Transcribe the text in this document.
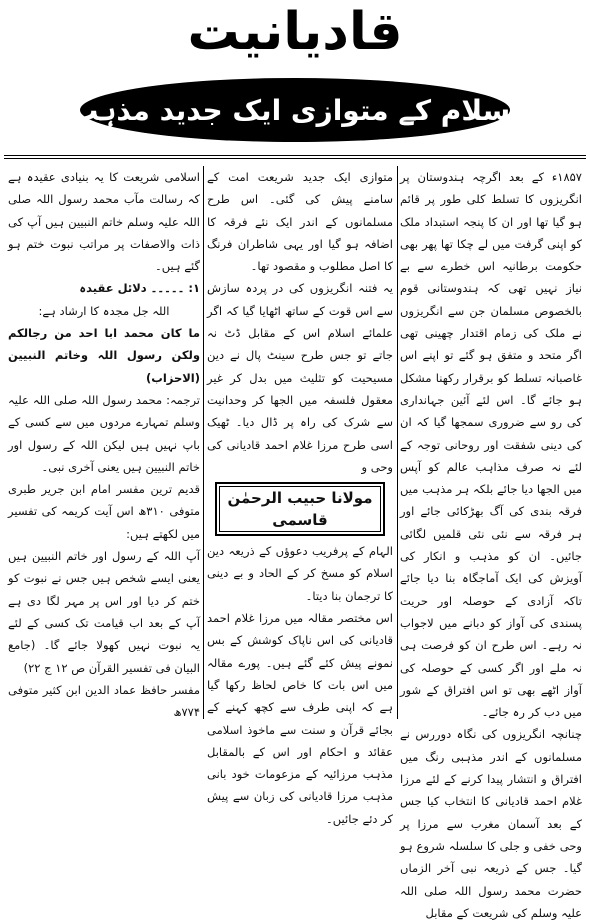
قادیانیت
اسلام کے متوازی ایک جدید مذہب

۱۸۵۷ء کے بعد اگرچہ ہندوستان پر انگریزوں کا تسلط کلی طور پر قائم ہو گیا تھا اور ان کا پنجہ استبداد ملک کو اپنی گرفت میں لے چکا تھا پھر بھی حکومت برطانیہ اس خطرے سے بے نیاز نہیں تھی کہ ہندوستانی قوم بالخصوص مسلمان جن سے انگریزوں نے ملک کی زمام اقتدار چھینی تھی اگر متحد و متفق ہو گئے تو اپنے اس غاصبانہ تسلط کو برقرار رکھنا مشکل ہو جائے گا۔ اس لئے آئین جہانداری کی رو سے ضروری سمجھا گیا کہ ان کی دینی شفقت اور روحانی توجہ کے لئے نہ صرف مذاہب عالم کو آپس میں الجھا دیا جائے بلکہ ہر مذہب میں فرقہ بندی کی آگ بھڑکائی جائے اور ہر فرقہ سے نئی نئی قلمیں لگائی جائیں۔ ان کو مذہب و انکار کی آویزش کی ایک آماجگاہ بنا دیا جائے تاکہ آزادی کے حوصلہ اور حریت پسندی کی آواز کو دبانے میں لاجواب نہ رہے۔ اس طرح ان کو فرصت ہی نہ ملے اور اگر کسی کے حوصلہ کی آواز اٹھے بھی تو اس افتراق کے شور میں دب کر رہ جائے۔

چنانچہ انگریزوں کی نگاہ دوررس نے مسلمانوں کے اندر مذہبی رنگ میں افتراق و انتشار پیدا کرنے کے لئے مرزا غلام احمد قادیانی کا انتخاب کیا جس کے بعد آسمان مغرب سے مرزا پر وحی خفی و جلی کا سلسلہ شروع ہو گیا۔ جس کے ذریعہ نبی آخر الزماں حضرت محمد رسول اللہ صلی اللہ علیہ وسلم کی شریعت کے مقابل

متوازی ایک جدید شریعت امت کے سامنے پیش کی گئی۔ اس طرح مسلمانوں کے اندر ایک نئے فرقہ کا اضافہ ہو گیا اور یہی شاطران فرنگ کا اصل مطلوب و مقصود تھا۔

یہ فتنہ انگریزوں کی در پردہ سازش سے اس قوت کے ساتھ اٹھایا گیا کہ اگر علمائے اسلام اس کے مقابل ڈٹ نہ جاتے تو جس طرح سینٹ پال نے دین مسیحیت کو تثلیث میں بدل کر غیر معقول فلسفہ میں الجھا کر وحدانیت سے شرک کی راہ پر ڈال دیا۔ ٹھیک اسی طرح مرزا غلام احمد قادیانی کی وحی و

مولانا حبیب الرحمٰن قاسمی

الہام کے پرفریب دعوؤں کے ذریعہ دین اسلام کو مسخ کر کے الحاد و بے دینی کا ترجمان بنا دیتا۔

اس مختصر مقالہ میں مرزا غلام احمد قادیانی کی اس ناپاک کوشش کے بس نمونے پیش کئے گئے ہیں۔ پورے مقالہ میں اس بات کا خاص لحاظ رکھا گیا ہے کہ اپنی طرف سے کچھ کہنے کے بجائے قرآن و سنت سے ماخوذ اسلامی عقائد و احکام اور اس کے بالمقابل مذہب مرزائیہ کے مزعومات خود بانی مذہب مرزا قادیانی کی زبان سے پیش کر دئے جائیں۔

اسلامی شریعت کا یہ بنیادی عقیدہ ہے کہ رسالت مآب محمد رسول اللہ صلی اللہ علیہ وسلم خاتم النبیین ہیں آپ کی ذات والاصفات پر مراتب نبوت ختم ہو گئے ہیں۔

۱: ۔۔۔۔۔ دلائل عقیدہ

اللہ جل مجدہ کا ارشاد ہے:

ما کان محمد ابا احد من رجالکم ولکن رسول اللہ وخاتم النبیین (الاحزاب)

ترجمہ: محمد رسول اللہ صلی اللہ علیہ وسلم تمہارے مردوں میں سے کسی کے باپ نہیں ہیں لیکن اللہ کے رسول اور خاتم النبیین ہیں یعنی آخری نبی۔

قدیم ترین مفسر امام ابن جریر طبری متوفی ۳۱۰ھ اس آیت کریمہ کی تفسیر میں لکھتے ہیں:

آپ اللہ کے رسول اور خاتم النبیین ہیں یعنی ایسے شخص ہیں جس نے نبوت کو ختم کر دیا اور اس پر مہر لگا دی ہے آپ کے بعد اب قیامت تک کسی کے لئے یہ نبوت نہیں کھولا جائے گا۔ (جامع البیان فی تفسیر القرآن ص ۱۲ ج ۲۲)

مفسر حافظ عماد الدین ابن کثیر متوفی ۷۷۴ھ
